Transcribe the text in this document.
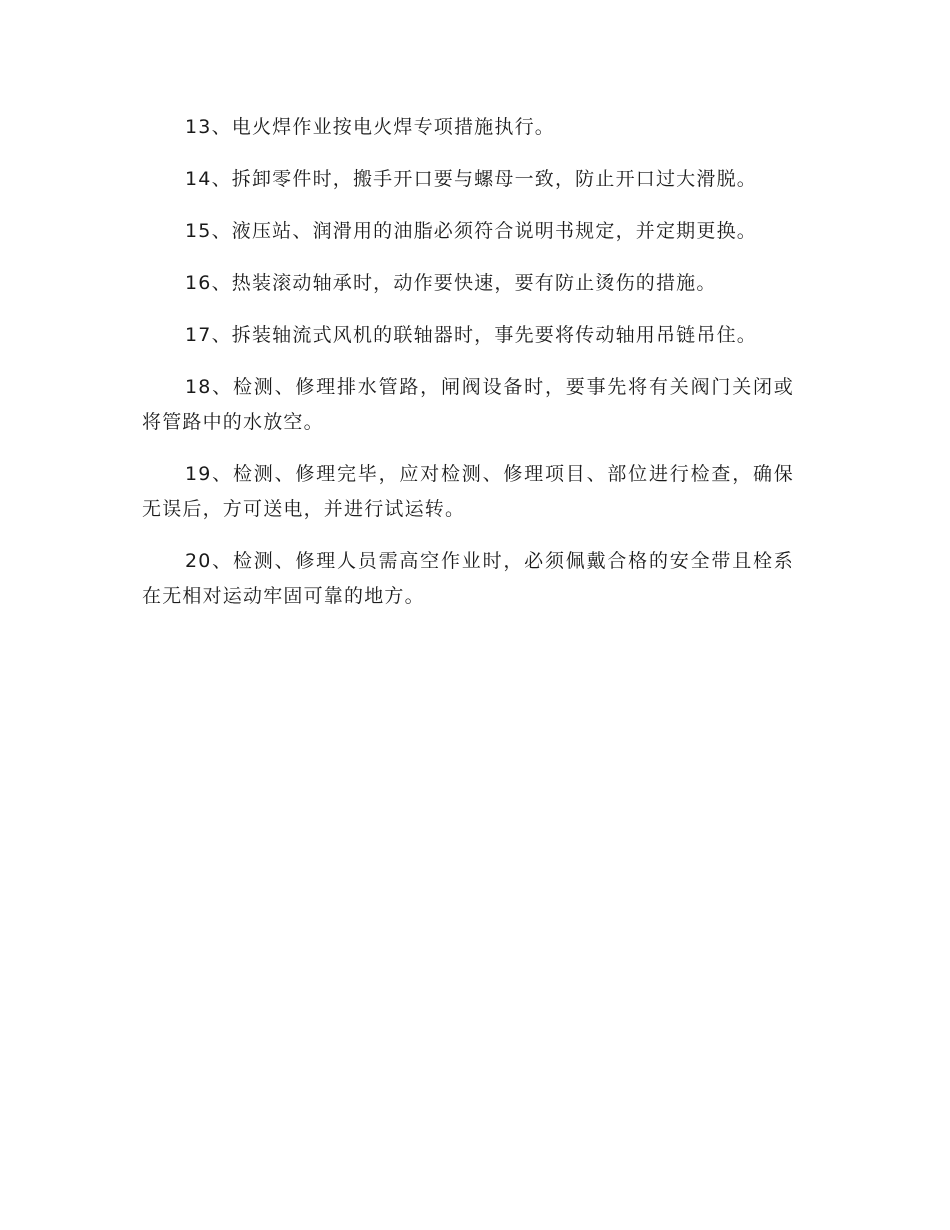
13、电火焊作业按电火焊专项措施执行。

14、拆卸零件时，搬手开口要与螺母一致，防止开口过大滑脱。

15、液压站、润滑用的油脂必须符合说明书规定，并定期更换。

16、热装滚动轴承时，动作要快速，要有防止烫伤的措施。

17、拆装轴流式风机的联轴器时，事先要将传动轴用吊链吊住。

18、检测、修理排水管路，闸阀设备时，要事先将有关阀门关闭或将管路中的水放空。

19、检测、修理完毕，应对检测、修理项目、部位进行检查，确保无误后，方可送电，并进行试运转。

20、检测、修理人员需高空作业时，必须佩戴合格的安全带且栓系在无相对运动牢固可靠的地方。
